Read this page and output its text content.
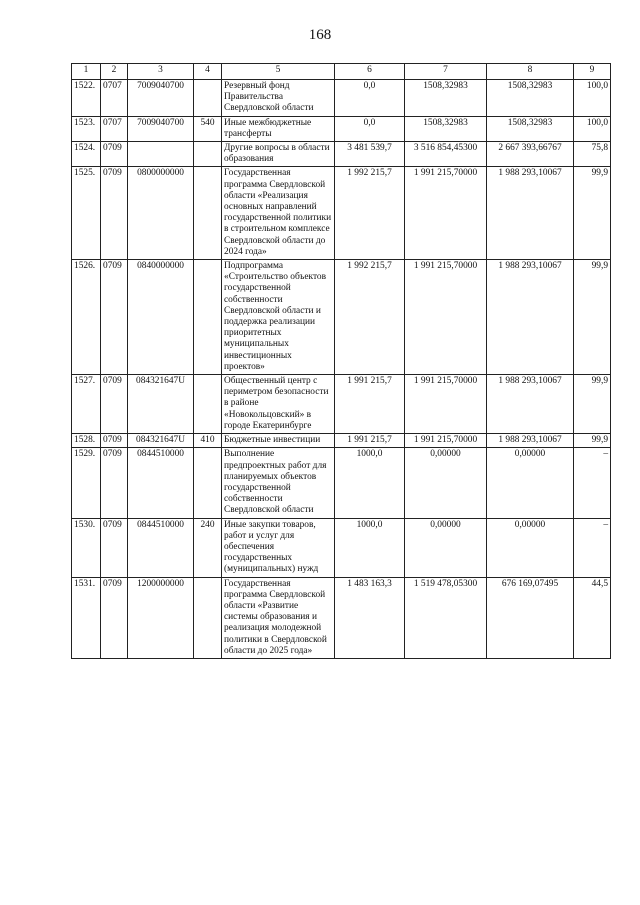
168
1	2	3	4	5	6	7	8	9
1522.	0707	7009040700		Резервный фонд Правительства Свердловской области	0,0	1508,32983	1508,32983	100,0
1523.	0707	7009040700	540	Иные межбюджетные трансферты	0,0	1508,32983	1508,32983	100,0
1524.	0709			Другие вопросы в области образования	3 481 539,7	3 516 854,45300	2 667 393,66767	75,8
1525.	0709	0800000000		Государственная программа Свердловской области «Реализация основных направлений государственной политики в строительном комплексе Свердловской области до 2024 года»	1 992 215,7	1 991 215,70000	1 988 293,10067	99,9
1526.	0709	0840000000		Подпрограмма «Строительство объектов государственной собственности Свердловской области и поддержка реализации приоритетных муниципальных инвестиционных проектов»	1 992 215,7	1 991 215,70000	1 988 293,10067	99,9
1527.	0709	084321647U		Общественный центр с периметром безопасности в районе «Новокольцовский» в городе Екатеринбурге	1 991 215,7	1 991 215,70000	1 988 293,10067	99,9
1528.	0709	084321647U	410	Бюджетные инвестиции	1 991 215,7	1 991 215,70000	1 988 293,10067	99,9
1529.	0709	0844510000		Выполнение предпроектных работ для планируемых объектов государственной собственности Свердловской области	1000,0	0,00000	0,00000	–
1530.	0709	0844510000	240	Иные закупки товаров, работ и услуг для обеспечения государственных (муниципальных) нужд	1000,0	0,00000	0,00000	–
1531.	0709	1200000000		Государственная программа Свердловской области «Развитие системы образования и реализация молодежной политики в Свердловской области до 2025 года»	1 483 163,3	1 519 478,05300	676 169,07495	44,5
